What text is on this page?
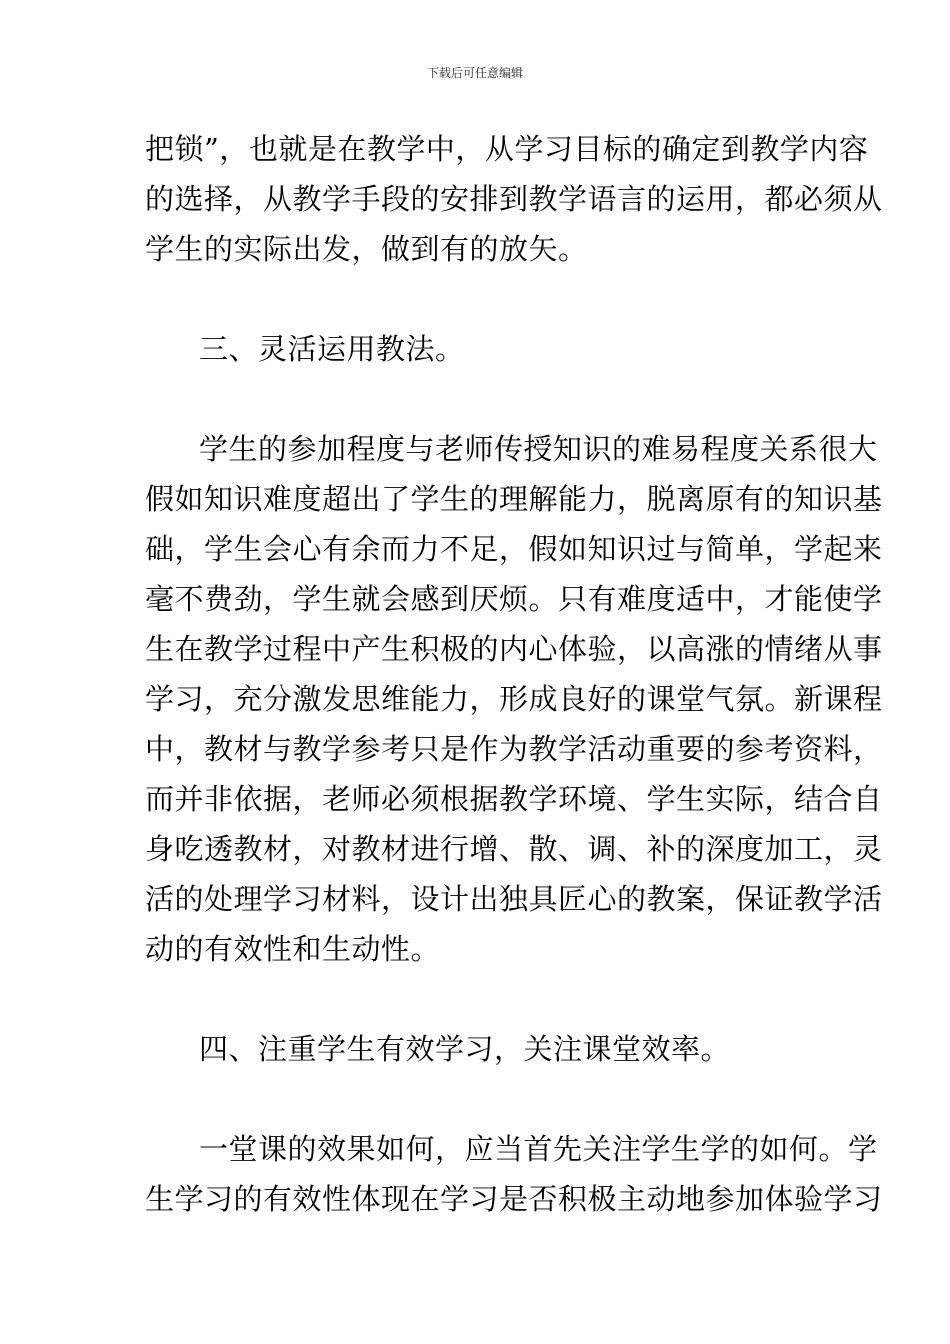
下载后可任意编辑
把锁”，也就是在教学中，从学习目标的确定到教学内容
的选择，从教学手段的安排到教学语言的运用，都必须从
学生的实际出发，做到有的放矢。
三、灵活运用教法。
学生的参加程度与老师传授知识的难易程度关系很大
假如知识难度超出了学生的理解能力，脱离原有的知识基
础，学生会心有余而力不足，假如知识过与简单，学起来
毫不费劲，学生就会感到厌烦。只有难度适中，才能使学
生在教学过程中产生积极的内心体验，以高涨的情绪从事
学习，充分激发思维能力，形成良好的课堂气氛。新课程
中，教材与教学参考只是作为教学活动重要的参考资料，
而并非依据，老师必须根据教学环境、学生实际，结合自
身吃透教材，对教材进行增、散、调、补的深度加工，灵
活的处理学习材料，设计出独具匠心的教案，保证教学活
动的有效性和生动性。
四、注重学生有效学习，关注课堂效率。
一堂课的效果如何，应当首先关注学生学的如何。学
生学习的有效性体现在学习是否积极主动地参加体验学习
